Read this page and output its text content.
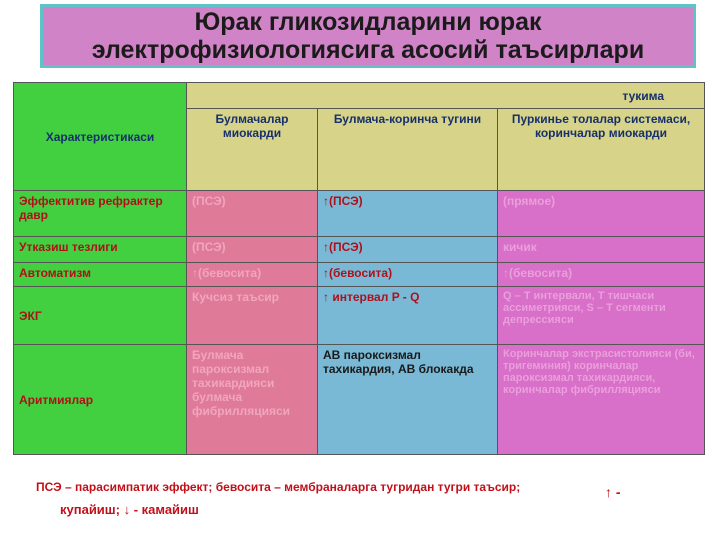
Юрак гликозидларини юрак
электрофизиологиясига асосий таъсирлари
Характеристикаси	тукима		
	Булмачалар миокарди	Булмача-коринча тугини	Пуркинье толалар системаси, коринчалар миокарди
Эффектитив рефрактер давр	(ПСЭ)	↑(ПСЭ)	(прямое)
Утказиш тезлиги	(ПСЭ)	↑(ПСЭ)	кичик
Автоматизм	↑(бевосита)	↑(бевосита)	↑(бевосита)
ЭКГ	Кучсиз таъсир	↑ интервал P - Q	Q – T интервали, T тишчаси ассиметрияси, S – T сегменти депрессияси
Аритмиялар	Булмача пароксизмал тахикардияси булмача фибрилляцияси	АВ пароксизмал тахикардия, АВ блокакда	Коринчалар экстрасистолияси (би, тригеминия) коринчалар пароксизмал тахикардияси, коринчалар фибрилляцияси
ПСЭ – парасимпатик эффект; бевосита – мембраналарга тугридан тугри таъсир;	↑ -
купайиш; ↓ - камайиш
